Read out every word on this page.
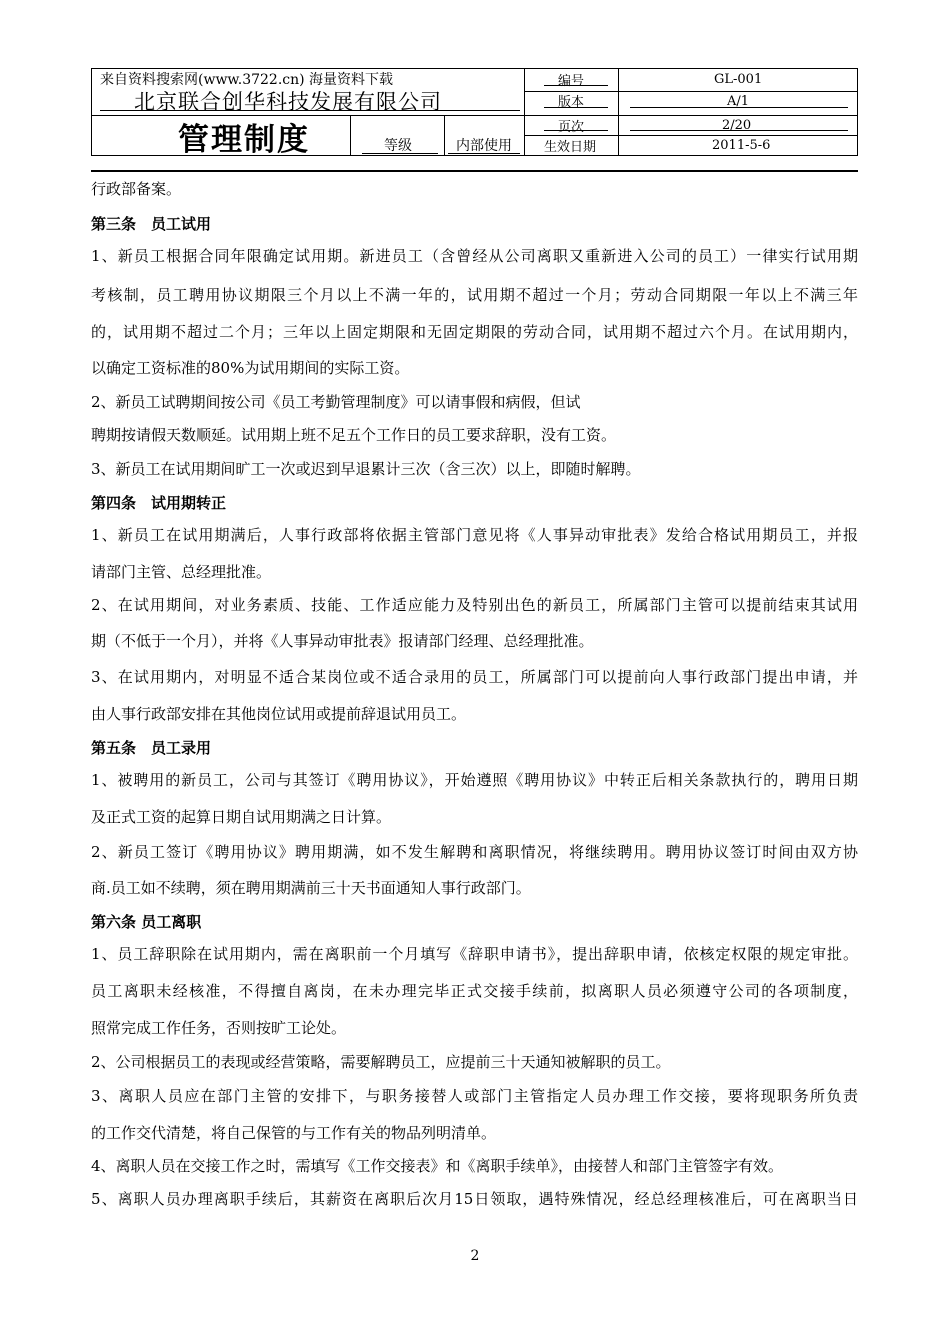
来自资料搜索网(www.3722.cn) 海量资料下载
北京联合创华科技发展有限公司
管理制度	等级	内部使用
编号	GL-001
版本	A/1
页次	2/20
生效日期	2011-5-6
行政部备案。
第三条　员工试用
1、新员工根据合同年限确定试用期。新进员工（含曾经从公司离职又重新进入公司的员工）一律实行试用期
考核制，员工聘用协议期限三个月以上不满一年的，试用期不超过一个月；劳动合同期限一年以上不满三年
的，试用期不超过二个月；三年以上固定期限和无固定期限的劳动合同，试用期不超过六个月。在试用期内，
以确定工资标准的80%为试用期间的实际工资。
2、新员工试聘期间按公司《员工考勤管理制度》可以请事假和病假，但试
聘期按请假天数顺延。试用期上班不足五个工作日的员工要求辞职，没有工资。
3、新员工在试用期间旷工一次或迟到早退累计三次（含三次）以上，即随时解聘。
第四条　试用期转正
1、新员工在试用期满后，人事行政部将依据主管部门意见将《人事异动审批表》发给合格试用期员工，并报
请部门主管、总经理批准。
2、在试用期间，对业务素质、技能、工作适应能力及特别出色的新员工，所属部门主管可以提前结束其试用
期（不低于一个月），并将《人事异动审批表》报请部门经理、总经理批准。
3、在试用期内，对明显不适合某岗位或不适合录用的员工，所属部门可以提前向人事行政部门提出申请，并
由人事行政部安排在其他岗位试用或提前辞退试用员工。
第五条　员工录用
1、被聘用的新员工，公司与其签订《聘用协议》，开始遵照《聘用协议》中转正后相关条款执行的，聘用日期
及正式工资的起算日期自试用期满之日计算。
2、新员工签订《聘用协议》聘用期满，如不发生解聘和离职情况，将继续聘用。聘用协议签订时间由双方协
商.员工如不续聘，须在聘用期满前三十天书面通知人事行政部门。
第六条 员工离职
1、员工辞职除在试用期内，需在离职前一个月填写《辞职申请书》，提出辞职申请，依核定权限的规定审批。
员工离职未经核准，不得擅自离岗，在未办理完毕正式交接手续前，拟离职人员必须遵守公司的各项制度，
照常完成工作任务，否则按旷工论处。
2、公司根据员工的表现或经营策略，需要解聘员工，应提前三十天通知被解职的员工。
3、离职人员应在部门主管的安排下，与职务接替人或部门主管指定人员办理工作交接，要将现职务所负责
的工作交代清楚，将自己保管的与工作有关的物品列明清单。
4、离职人员在交接工作之时，需填写《工作交接表》和《离职手续单》，由接替人和部门主管签字有效。
5、离职人员办理离职手续后，其薪资在离职后次月15日领取，遇特殊情况，经总经理核准后，可在离职当日
2
